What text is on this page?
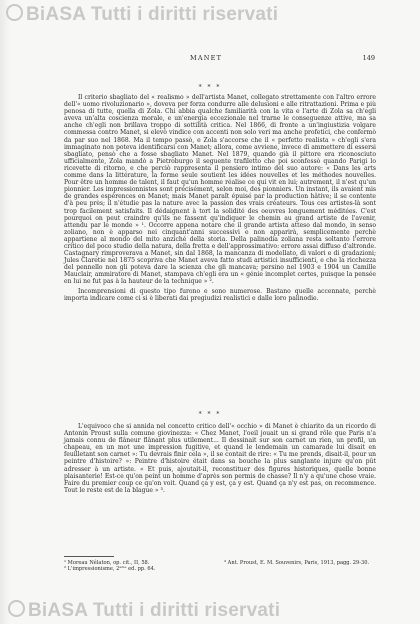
BiASA Tutti i diritti riservati
MANET	149
* * *

Il criterio sbagliato del « realismo » dell'artista Manet, collegato strettamente con l'altro errore dell'« uomo rivoluzionario », doveva per forza condurre alle delusioni e alle ritrattazioni. Prima e più penosa di tutte, quella di Zola. Chi abbia qualche familiarità con la vita e l'arte di Zola sa ch'egli aveva un'alta coscienza morale, e un'energia eccezionale nel trarne le conseguenze attive, ma sa anche ch'egli non brillava troppo di sottilità critica. Nel 1866, di fronte a un'ingiustizia volgare commessa contro Manet, si elevò vindice con accenti non solo veri ma anche profetici, che confermò da par suo nel 1868. Ma il tempo passò, e Zola s'accorse che il « perfetto realista » ch'egli s'era immaginato non poteva identificarsi con Manet; allora, come avviene, invece di ammettere di essersi sbagliato, pensò che a fosse sbagliato Manet. Nel 1879, quando già il pittore era riconosciuto ufficialmente, Zola mandò a Pietroburgo il seguente trafiletto che poi sconfessò quando Parigi lo ricevette di ritorno, e che perciò rappresenta il pensiero intimo del suo autore: « Dans les arts comme dans la littérature, la forme seule soutient les idées nouvelles et les méthodes nouvelles. Pour être un homme de talent, il faut qu'un homme réalise ce qui vit en lui; autrement, il n'est qu'un pionnier. Les impressionnistes sont précisément, selon moi, des pionniers. Un instant, ils avaient mis de grandes espérences en Manet; mais Manet paraît épuisé par la production hâtive; il se contente d'à peu près; il n'étudie pas la nature avec la passion des vrais créateurs. Tous ces artistes-là sont trop facilement satisfaits. Il dédaignent à tort la solidité des oeuvres longuement méditées. C'est pourquoi on peut craindre qu'ils ne fassent qu'indiquer le chemin au grand artiste de l'avenir, attendu par le monde » ¹. Occorre appena notare che il grande artista atteso dal mondo, in senso zoliano, non è apparso nei cinquant'anni successivi e non apparirà, semplicemente perchè appartiene al mondo del mito anziché della storia. Della palinodia zoliana resta soltanto l'errore critico del poco studio della natura, della fretta e dell'approssimativo: errore assai diffuso d'altronde. Castagnary rimproverava a Manet, sin dal 1868, la mancanza di modellato, di valori e di gradazioni; Jules Claretie nel 1875 scopriva che Manet aveva fatto studi artistici insufficienti, e che la ricchezza del pennello non gli poteva dare la scienza che gli mancava; persino nel 1903 e 1904 un Camille Mauclair, ammiratore di Manet, stampava ch'egli era un « génie incomplet certes, puisque la pensée en lui ne fut pas à la hauteur de la technique » ².

Incomprensioni di questo tipo furono e sono numerose. Bastano quelle accennate, perchè importa indicare come ci si è liberati dai pregiudizi realistici e dalle loro palinodie.

* * *

L'equivoco che si annida nel concetto critico dell'« occhio » di Manet è chiarito da un ricordo di Antonin Proust sulla comune giovinezza: « Chez Manet, l'oeil jouait un si grand rôle que Paris n'a jamais connu de flâneur flânant plus utilement... Il dessinait sur son carnet un rien, un profil, un chapeau, en un mot une impression fugitive, et quand le lendemain un camarade lui disait en feuilletant son carnet »: Tu devrais finir cela », il se contait de rire: « Tu me prends, disait-il, pour un peintre d'histoire? »: Peintre d'histoire était dans sa bouche la plus sanglante injure qu'on pût adresser à un artiste. « Et puis, ajoutait-il, reconstituer des figures historiques, quelle bonne plaisanterie! Est-ce qu'on peint un homme d'après son permis de chasse? Il n'y a qu'une chose vraie. Faire du premier coup ce qu'on voit. Quand ça y est, ça y est. Quand ça n'y est pas, on recommence. Tout le reste est de la blague » ³.

¹ Moreau Nélaton, op. cit., II, 58.
² L'impressionisme, 2ᵉᵐᵉ ed. pp. 64.
³ Ant. Proust, E. M. Souvenirs, Paris, 1913, pagg. 29-30.
BiASA Tutti i diritti riservati
